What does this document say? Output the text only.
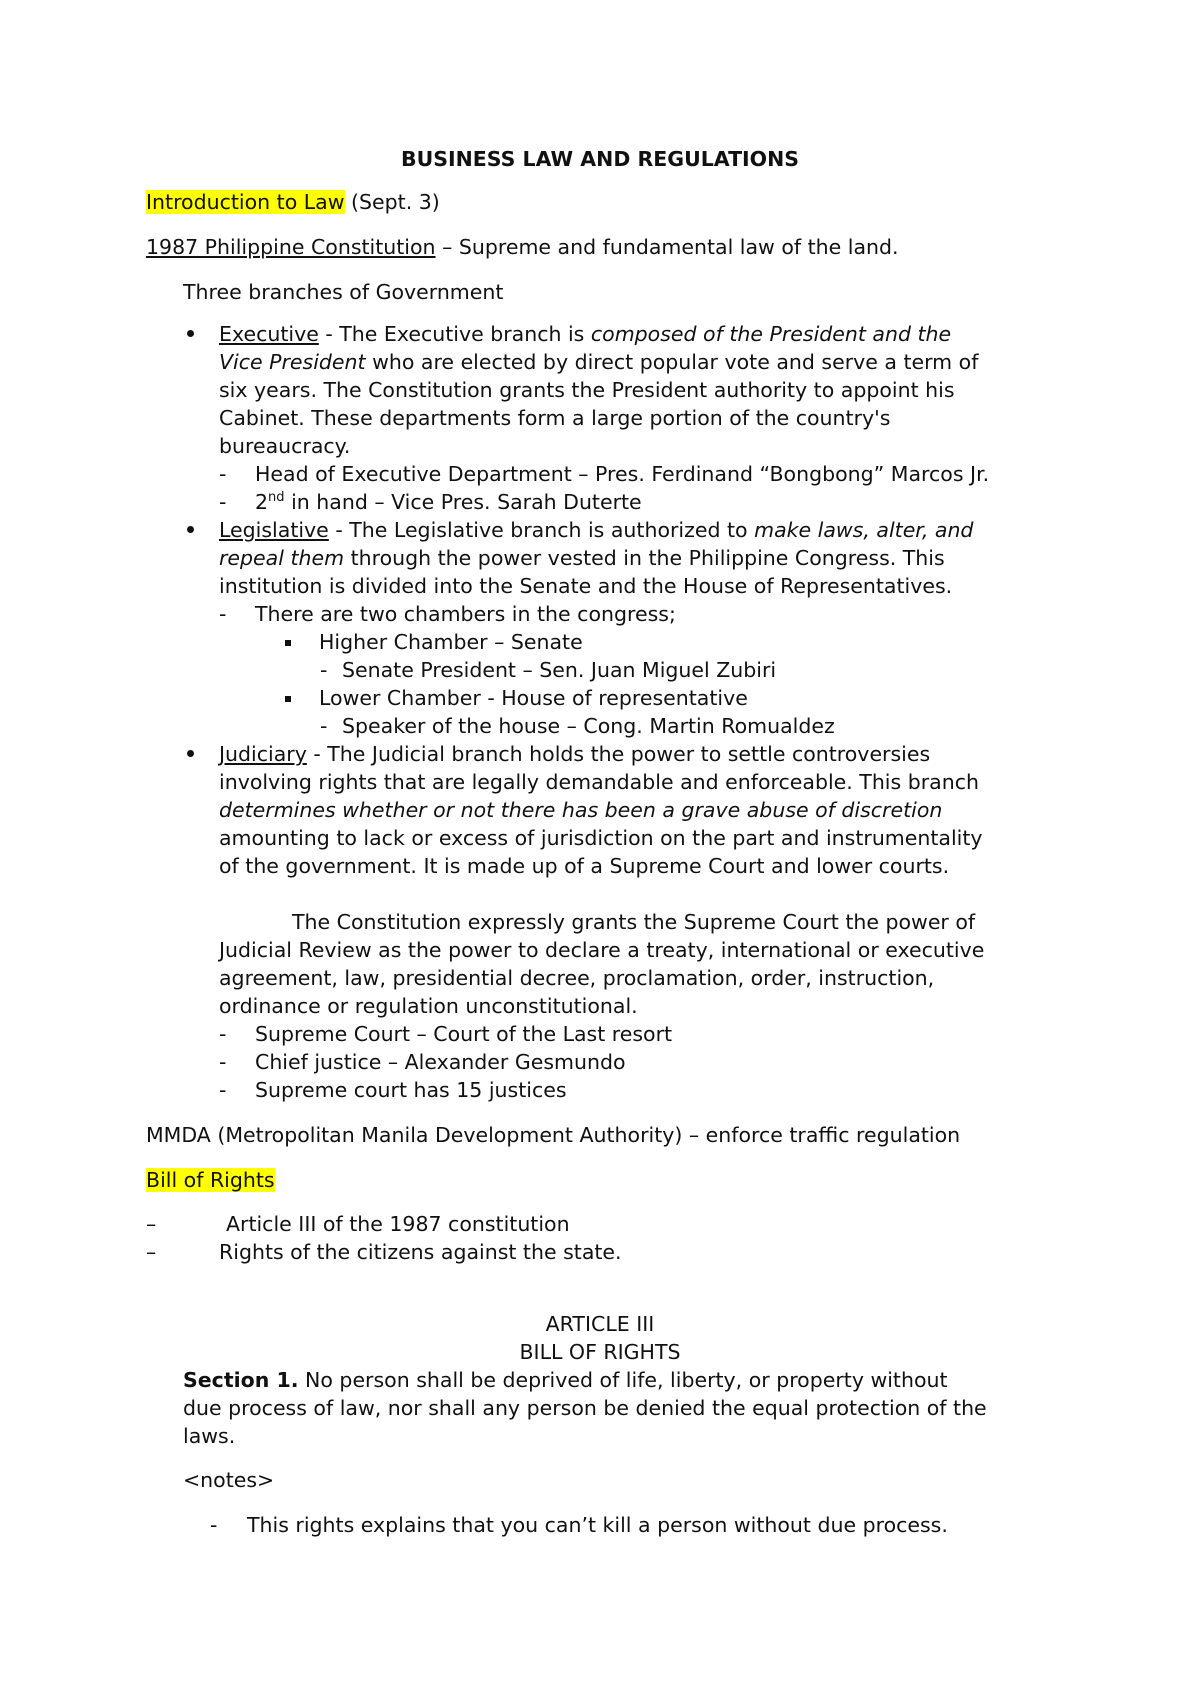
BUSINESS LAW AND REGULATIONS
Introduction to Law (Sept. 3)
1987 Philippine Constitution – Supreme and fundamental law of the land.
Three branches of Government
Executive - The Executive branch is composed of the President and the
Vice President who are elected by direct popular vote and serve a term of
six years. The Constitution grants the President authority to appoint his
Cabinet. These departments form a large portion of the country's
bureaucracy.
- Head of Executive Department – Pres. Ferdinand “Bongbong” Marcos Jr.
- 2nd in hand – Vice Pres. Sarah Duterte
Legislative - The Legislative branch is authorized to make laws, alter, and
repeal them through the power vested in the Philippine Congress. This
institution is divided into the Senate and the House of Representatives.
- There are two chambers in the congress;
Higher Chamber – Senate
- Senate President – Sen. Juan Miguel Zubiri
Lower Chamber - House of representative
- Speaker of the house – Cong. Martin Romualdez
Judiciary - The Judicial branch holds the power to settle controversies
involving rights that are legally demandable and enforceable. This branch
determines whether or not there has been a grave abuse of discretion
amounting to lack or excess of jurisdiction on the part and instrumentality
of the government. It is made up of a Supreme Court and lower courts.
The Constitution expressly grants the Supreme Court the power of
Judicial Review as the power to declare a treaty, international or executive
agreement, law, presidential decree, proclamation, order, instruction,
ordinance or regulation unconstitutional.
- Supreme Court – Court of the Last resort
- Chief justice – Alexander Gesmundo
- Supreme court has 15 justices
MMDA (Metropolitan Manila Development Authority) – enforce traffic regulation
Bill of Rights
–	Article III of the 1987 constitution
–	Rights of the citizens against the state.
ARTICLE III
BILL OF RIGHTS
Section 1. No person shall be deprived of life, liberty, or property without
due process of law, nor shall any person be denied the equal protection of the
laws.
<notes>
- This rights explains that you can’t kill a person without due process.
